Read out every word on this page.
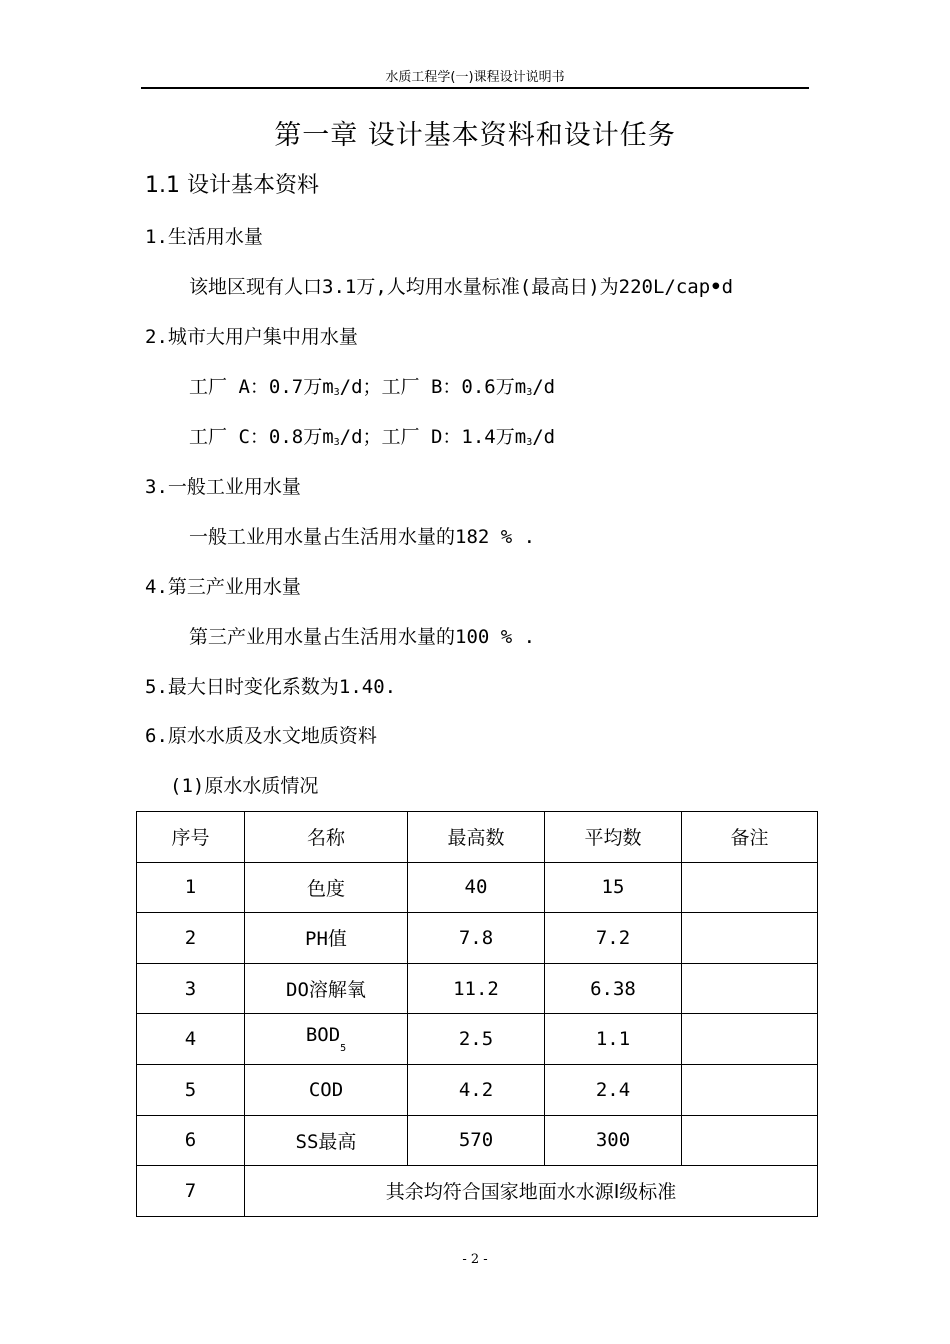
水质工程学(一)课程设计说明书
第一章 设计基本资料和设计任务
1.1 设计基本资料
1.生活用水量
该地区现有人口3.1万,人均用水量标准(最高日)为220L/cap•d
2.城市大用户集中用水量
工厂 A：0.7万$m_3/d$；工厂 B：0.6万$m_3/d$
工厂 C：0.8万$m_3/d$；工厂 D：1.4万$m_3/d$
3.一般工业用水量
一般工业用水量占生活用水量的182 % .
4.第三产业用水量
第三产业用水量占生活用水量的100 % .
5.最大日时变化系数为1.40.
6.原水水质及水文地质资料
(1)原水水质情况
序号	名称	最高数	平均数	备注
1	色度	40	15	
2	PH值	7.8	7.2	
3	DO溶解氧	11.2	6.38	
4	$BOD_5$	2.5	1.1	
5	COD	4.2	2.4	
6	SS最高	570	300	
7	其余均符合国家地面水水源Ⅰ级标准			
- 2 -
